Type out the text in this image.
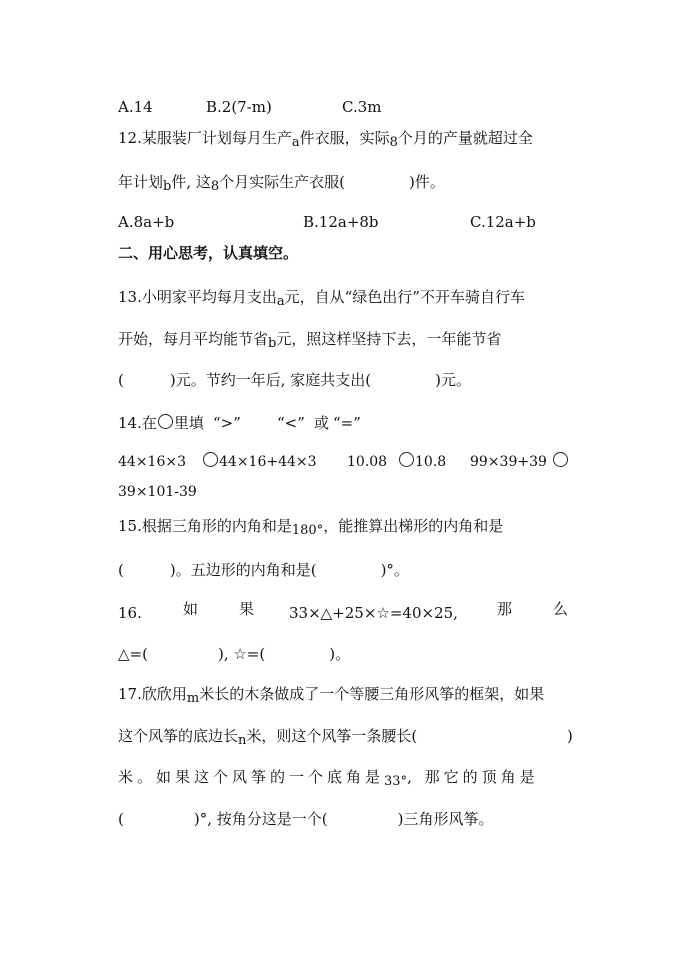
A.14	B.2(7-m)	C.3m
12.某服装厂计划每月生产a件衣服，实际8个月的产量就超过全
年计划b件, 这8个月实际生产衣服(	)件。
A.8a+b	B.12a+8b	C.12a+b
二、用心思考，认真填空。
13.小明家平均每月支出a元，自从“绿色出行”不开车骑自行车
开始，每月平均能节省b元，照这样坚持下去，一年能节省
(	)元。节约一年后, 家庭共支出(	)元。
14.在 里填 “>” “<” 或 “=”
44×16×3	44×16+44×3 10.08	10.8 99×39+39
39×101-39
15.根据三角形的内角和是180°，能推算出梯形的内角和是
(	)。五边形的内角和是(	)°。
16.	如	果 33×△+25×☆=40×25,	那	么
△=(	), ☆=(	)。
17.欣欣用m米长的木条做成了一个等腰三角形风筝的框架，如果
这个风筝的底边长n米，则这个风筝一条腰长(	)
米。如果这个风筝的一个底角是33°, 那它的顶角是
(	)°, 按角分这是一个(	)三角形风筝。
